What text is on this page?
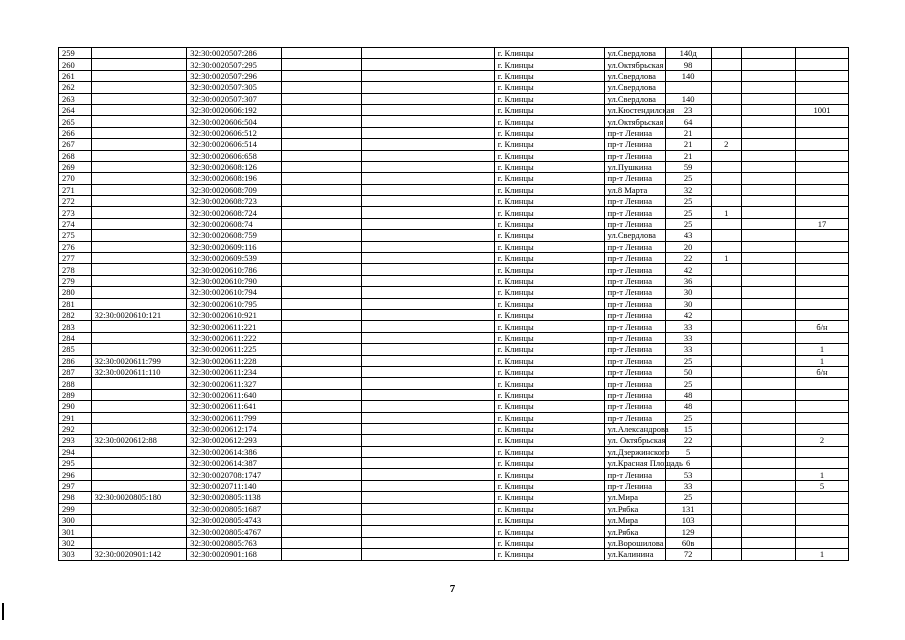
259		32:30:0020507:286			г. Клинцы	ул.Свердлова	140д			
260		32:30:0020507:295			г. Клинцы	ул.Октябрьская	98			
261		32:30:0020507:296			г. Клинцы	ул.Свердлова	140			
262		32:30:0020507:305			г. Клинцы	ул.Свердлова				
263		32:30:0020507:307			г. Клинцы	ул.Свердлова	140			
264		32:30:0020606:192			г. Клинцы	ул.Кюстендилская	23			1001
265		32:30:0020606:504			г. Клинцы	ул.Октябрьская	64			
266		32:30:0020606:512			г. Клинцы	пр-т Ленина	21			
267		32:30:0020606:514			г. Клинцы	пр-т Ленина	21	2		
268		32:30:0020606:658			г. Клинцы	пр-т Ленина	21			
269		32:30:0020608:126			г. Клинцы	ул.Пушкина	59			
270		32:30:0020608:196			г. Клинцы	пр-т Ленина	25			
271		32:30:0020608:709			г. Клинцы	ул.8 Марта	32			
272		32:30:0020608:723			г. Клинцы	пр-т Ленина	25			
273		32:30:0020608:724			г. Клинцы	пр-т Ленина	25	1		
274		32:30:0020608:74			г. Клинцы	пр-т Ленина	25			17
275		32:30:0020608:759			г. Клинцы	ул.Свердлова	43			
276		32:30:0020609:116			г. Клинцы	пр-т Ленина	20			
277		32:30:0020609:539			г. Клинцы	пр-т Ленина	22	1		
278		32:30:0020610:786			г. Клинцы	пр-т Ленина	42			
279		32:30:0020610:790			г. Клинцы	пр-т Ленина	36			
280		32:30:0020610:794			г. Клинцы	пр-т Ленина	30			
281		32:30:0020610:795			г. Клинцы	пр-т Ленина	30			
282	32:30:0020610:121	32:30:0020610:921			г. Клинцы	пр-т Ленина	42			
283		32:30:0020611:221			г. Клинцы	пр-т Ленина	33			б/н
284		32:30:0020611:222			г. Клинцы	пр-т Ленина	33			
285		32:30:0020611:225			г. Клинцы	пр-т Ленина	33			1
286	32:30:0020611:799	32:30:0020611:228			г. Клинцы	пр-т Ленина	25			1
287	32:30:0020611:110	32:30:0020611:234			г. Клинцы	пр-т Ленина	50			б/н
288		32:30:0020611:327			г. Клинцы	пр-т Ленина	25			
289		32:30:0020611:640			г. Клинцы	пр-т Ленина	48			
290		32:30:0020611:641			г. Клинцы	пр-т Ленина	48			
291		32:30:0020611:799			г. Клинцы	пр-т Ленина	25			
292		32:30:0020612:174			г. Клинцы	ул.Александрова	15			
293	32:30:0020612:88	32:30:0020612:293			г. Клинцы	ул. Октябрьская	22			2
294		32:30:0020614:386			г. Клинцы	ул.Дзержинского	5			
295		32:30:0020614:387			г. Клинцы	ул.Красная Площадь	6			
296		32:30:0020708:1747			г. Клинцы	пр-т Ленина	53			1
297		32:30:0020711:140			г. Клинцы	пр-т Ленина	33			5
298	32:30:0020805:180	32:30:0020805:1138			г. Клинцы	ул.Мира	25			
299		32:30:0020805:1687			г. Клинцы	ул.Рябка	131			
300		32:30:0020805:4743			г. Клинцы	ул.Мира	103			
301		32:30:0020805:4767			г. Клинцы	ул.Рябка	129			
302		32:30:0020805:763			г. Клинцы	ул.Ворошилова	60в			
303	32:30:0020901:142	32:30:0020901:168			г. Клинцы	ул.Калинина	72			1
7
